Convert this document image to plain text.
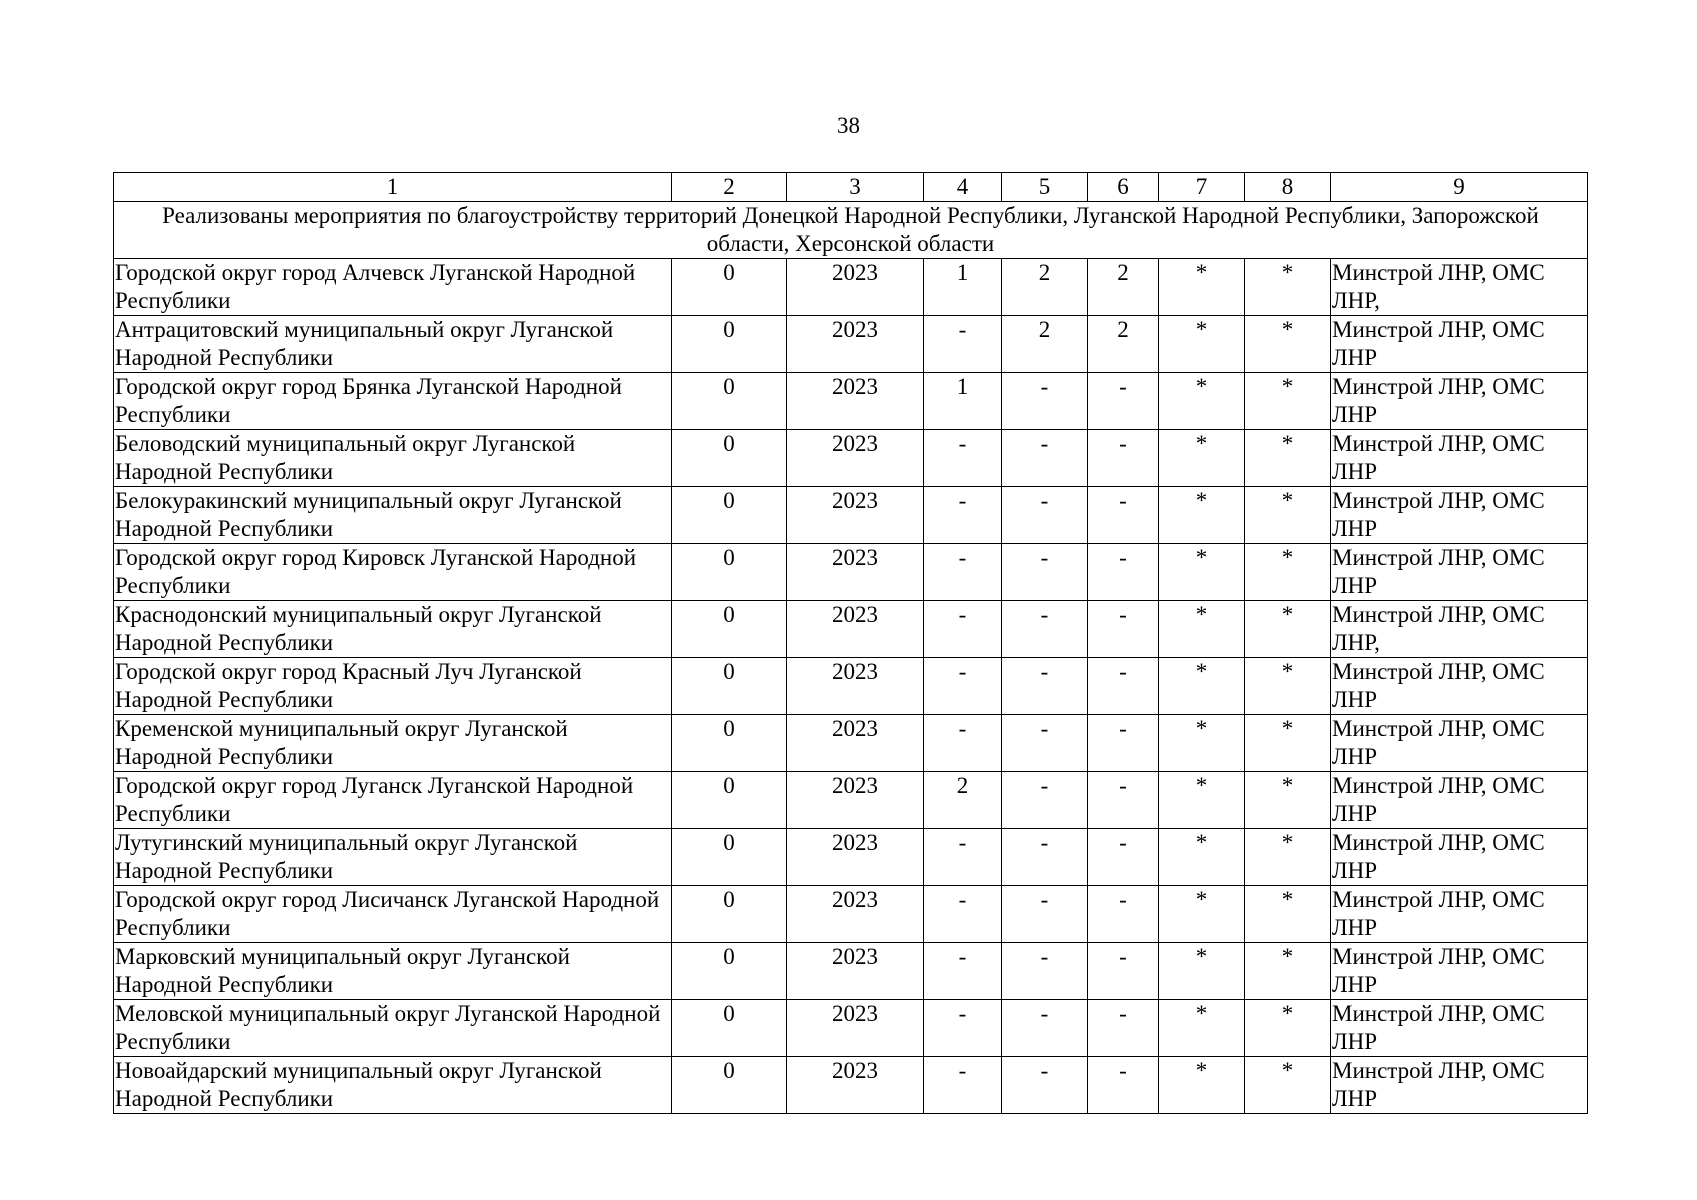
38
1	2	3	4	5	6	7	8	9
Реализованы мероприятия по благоустройству территорий Донецкой Народной Республики, Луганской Народной Республики, Запорожской области, Херсонской области								
Городской округ город Алчевск Луганской Народной Республики	0	2023	1	2	2	*	*	Минстрой ЛНР, ОМС ЛНР,
Антрацитовский муниципальный округ Луганской Народной Республики	0	2023	-	2	2	*	*	Минстрой ЛНР, ОМС ЛНР
Городской округ город Брянка Луганской Народной Республики	0	2023	1	-	-	*	*	Минстрой ЛНР, ОМС ЛНР
Беловодский муниципальный округ Луганской Народной Республики	0	2023	-	-	-	*	*	Минстрой ЛНР, ОМС ЛНР
Белокуракинский муниципальный округ Луганской Народной Республики	0	2023	-	-	-	*	*	Минстрой ЛНР, ОМС ЛНР
Городской округ город Кировск Луганской Народной Республики	0	2023	-	-	-	*	*	Минстрой ЛНР, ОМС ЛНР
Краснодонский муниципальный округ Луганской Народной Республики	0	2023	-	-	-	*	*	Минстрой ЛНР, ОМС ЛНР,
Городской округ город Красный Луч Луганской Народной Республики	0	2023	-	-	-	*	*	Минстрой ЛНР, ОМС ЛНР
Кременской муниципальный округ Луганской Народной Республики	0	2023	-	-	-	*	*	Минстрой ЛНР, ОМС ЛНР
Городской округ город Луганск Луганской Народной Республики	0	2023	2	-	-	*	*	Минстрой ЛНР, ОМС ЛНР
Лутугинский муниципальный округ Луганской Народной Республики	0	2023	-	-	-	*	*	Минстрой ЛНР, ОМС ЛНР
Городской округ город Лисичанск Луганской Народной Республики	0	2023	-	-	-	*	*	Минстрой ЛНР, ОМС ЛНР
Марковский муниципальный округ Луганской Народной Республики	0	2023	-	-	-	*	*	Минстрой ЛНР, ОМС ЛНР
Меловской муниципальный округ Луганской Народной Республики	0	2023	-	-	-	*	*	Минстрой ЛНР, ОМС ЛНР
Новоайдарский муниципальный округ Луганской Народной Республики	0	2023	-	-	-	*	*	Минстрой ЛНР, ОМС ЛНР
